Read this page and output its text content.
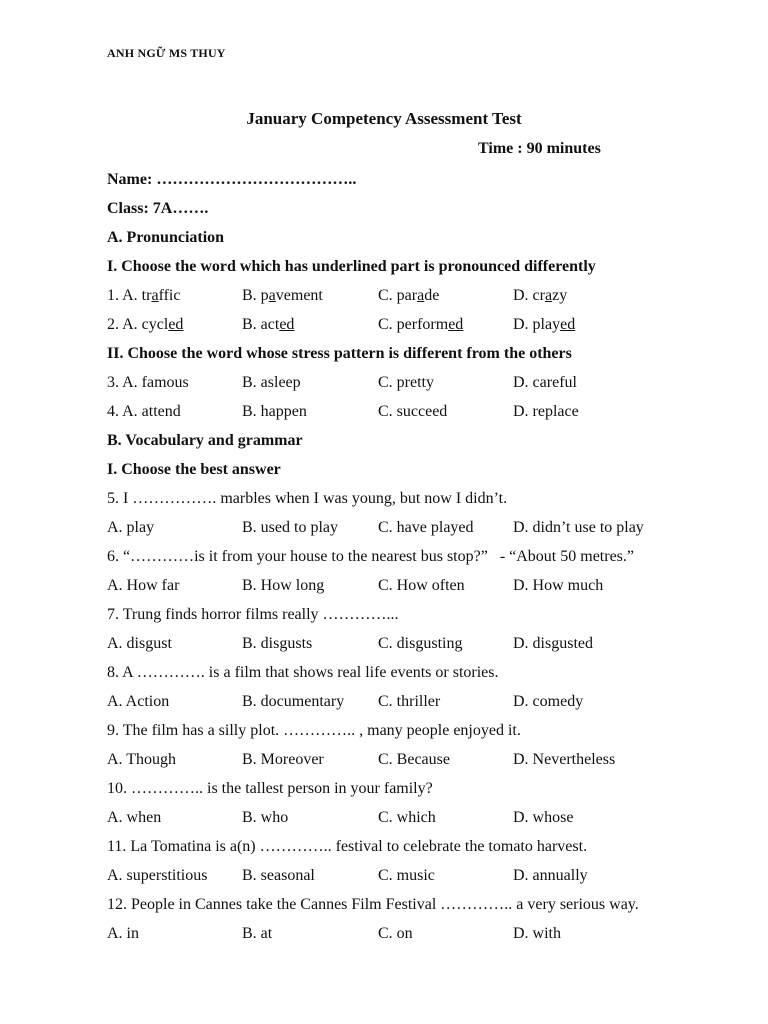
ANH NGỮ MS THUY
January Competency Assessment Test
Time : 90 minutes
Name: ………………………………..
Class: 7A…….
A. Pronunciation
I. Choose the word which has underlined part is pronounced differently
1. A. traffic	B. pavement	C. parade	D. crazy
2. A. cycled	B. acted	C. performed	D. played
II. Choose the word whose stress pattern is different from the others
3. A. famous	B. asleep	C. pretty	D. careful
4. A. attend	B. happen	C. succeed	D. replace
B. Vocabulary and grammar
I. Choose the best answer
5. I ……………. marbles when I was young, but now I didn’t.
A. play	B. used to play	C. have played D. didn’t use to play
6. “…………is it from your house to the nearest bus stop?”   - “About 50 metres.”
A. How far	B. How long	C. How often	D. How much
7. Trung finds horror films really …………...
A. disgust	B. disgusts	C. disgusting	D. disgusted
8. A …………. is a film that shows real life events or stories.
A. Action	B. documentary C. thriller	D. comedy
9. The film has a silly plot. ………….. , many people enjoyed it.
A. Though	B. Moreover	C. Because	D. Nevertheless
10. ………….. is the tallest person in your family?
A. when	B. who	C. which	D. whose
11. La Tomatina is a(n) ………….. festival to celebrate the tomato harvest.
A. superstitious B. seasonal	C. music	D. annually
12. People in Cannes take the Cannes Film Festival ………….. a very serious way.
A. in	B. at	C. on	D. with
